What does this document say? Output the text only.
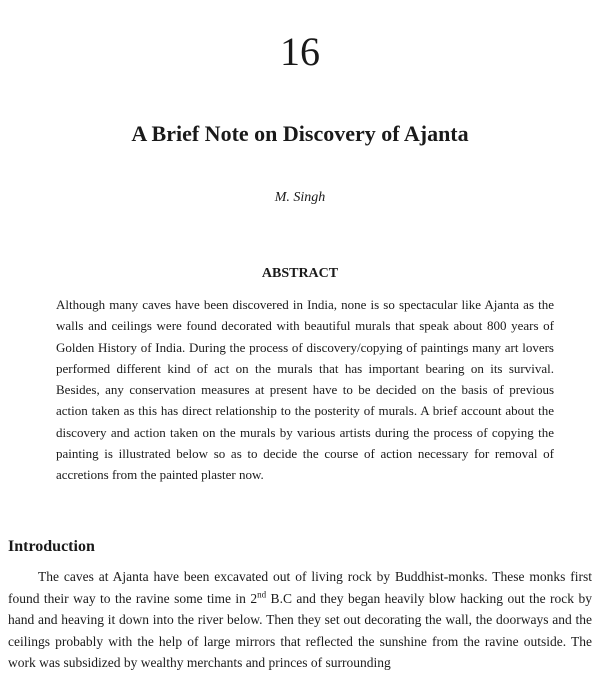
16
A Brief Note on Discovery of Ajanta
M. Singh
ABSTRACT

Although many caves have been discovered in India, none is so spectacular like Ajanta as the walls and ceilings were found decorated with beautiful murals that speak about 800 years of Golden History of India. During the process of discovery/copying of paintings many art lovers performed different kind of act on the murals that has important bearing on its survival. Besides, any conservation measures at present have to be decided on the basis of previous action taken as this has direct relationship to the posterity of murals. A brief account about the discovery and action taken on the murals by various artists during the process of copying the painting is illustrated below so as to decide the course of action necessary for removal of accretions from the painted plaster now.

Introduction

The caves at Ajanta have been excavated out of living rock by Buddhist-monks. These monks first found their way to the ravine some time in 2nd B.C and they began heavily blow hacking out the rock by hand and heaving it down into the river below. Then they set out decorating the wall, the doorways and the ceilings probably with the help of large mirrors that reflected the sunshine from the ravine outside. The work was subsidized by wealthy merchants and princes of surrounding
